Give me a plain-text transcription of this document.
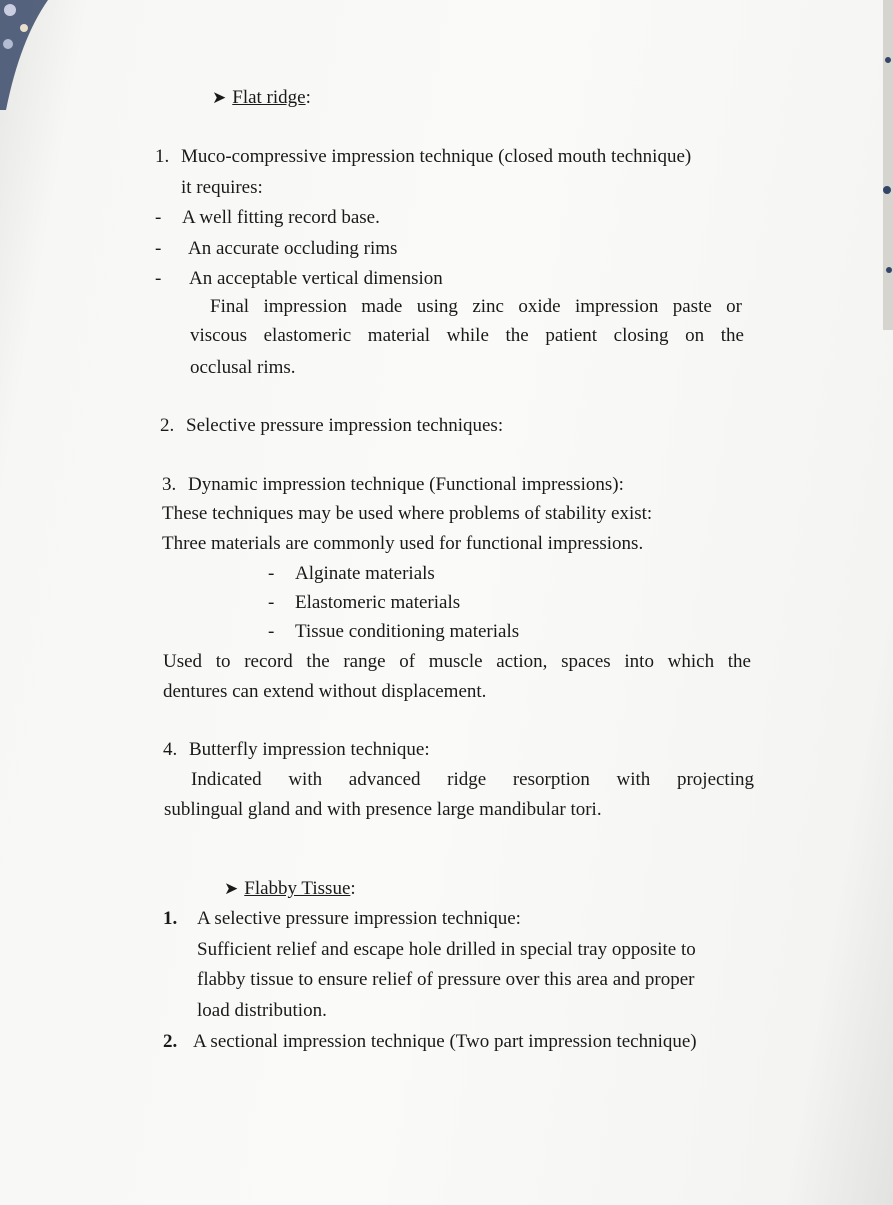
➤ Flat ridge:
1. Muco-compressive impression technique (closed mouth technique)
it requires:
- A well fitting record base.
- An accurate occluding rims
- An acceptable vertical dimension
Final impression made using zinc oxide impression paste or
viscous elastomeric material while the patient closing on the
occlusal rims.
2. Selective pressure impression techniques:
3. Dynamic impression technique (Functional impressions):
These techniques may be used where problems of stability exist:
Three materials are commonly used for functional impressions.
- Alginate materials
- Elastomeric materials
- Tissue conditioning materials
Used to record the range of muscle action, spaces into which the
dentures can extend without displacement.
4. Butterfly impression technique:
Indicated with advanced ridge resorption with projecting
sublingual gland and with presence large mandibular tori.
➤ Flabby Tissue:
1. A selective pressure impression technique:
Sufficient relief and escape hole drilled in special tray opposite to
flabby tissue to ensure relief of pressure over this area and proper
load distribution.
2. A sectional impression technique (Two part impression technique)
